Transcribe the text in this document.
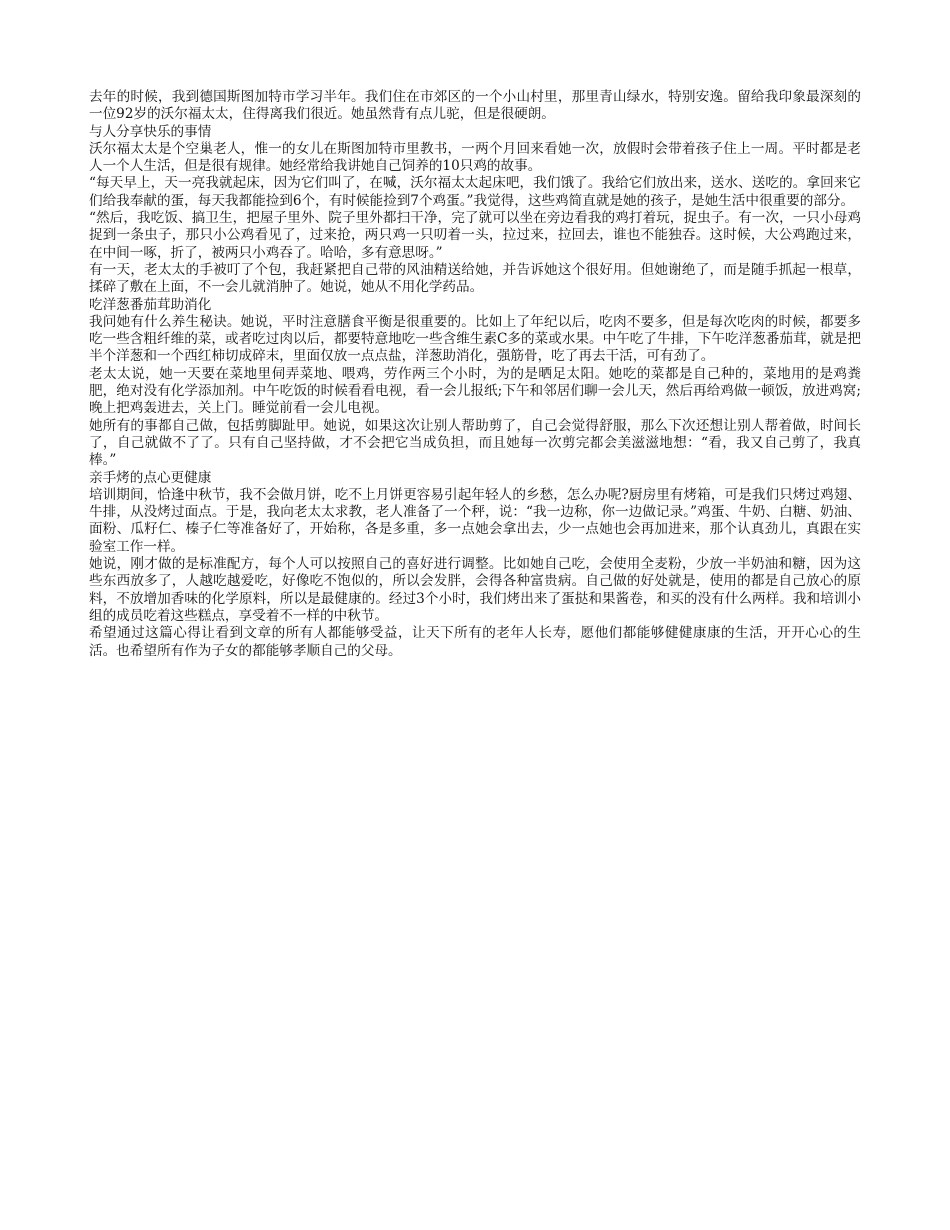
去年的时候，我到德国斯图加特市学习半年。我们住在市郊区的一个小山村里，那里青山绿水，特别安逸。留给我印象最深刻的一位92岁的沃尔福太太，住得离我们很近。她虽然背有点儿驼，但是很硬朗。

与人分享快乐的事情

沃尔福太太是个空巢老人，惟一的女儿在斯图加特市里教书，一两个月回来看她一次，放假时会带着孩子住上一周。平时都是老人一个人生活，但是很有规律。她经常给我讲她自己饲养的10只鸡的故事。

“每天早上，天一亮我就起床，因为它们叫了，在喊，沃尔福太太起床吧，我们饿了。我给它们放出来，送水、送吃的。拿回来它们给我奉献的蛋，每天我都能捡到6个，有时候能捡到7个鸡蛋。”我觉得，这些鸡简直就是她的孩子，是她生活中很重要的部分。

“然后，我吃饭、搞卫生，把屋子里外、院子里外都扫干净，完了就可以坐在旁边看我的鸡打着玩，捉虫子。有一次，一只小母鸡捉到一条虫子，那只小公鸡看见了，过来抢，两只鸡一只叨着一头，拉过来，拉回去，谁也不能独吞。这时候，大公鸡跑过来，在中间一啄，折了，被两只小鸡吞了。哈哈，多有意思呀。”

有一天，老太太的手被叮了个包，我赶紧把自己带的风油精送给她，并告诉她这个很好用。但她谢绝了，而是随手抓起一根草，揉碎了敷在上面，不一会儿就消肿了。她说，她从不用化学药品。

吃洋葱番茄茸助消化

我问她有什么养生秘诀。她说，平时注意膳食平衡是很重要的。比如上了年纪以后，吃肉不要多，但是每次吃肉的时候，都要多吃一些含粗纤维的菜，或者吃过肉以后，都要特意地吃一些含维生素C多的菜或水果。中午吃了牛排，下午吃洋葱番茄茸，就是把半个洋葱和一个西红柿切成碎末，里面仅放一点点盐，洋葱助消化，强筋骨，吃了再去干活，可有劲了。

老太太说，她一天要在菜地里伺弄菜地、喂鸡，劳作两三个小时，为的是晒足太阳。她吃的菜都是自己种的，菜地用的是鸡粪肥，绝对没有化学添加剂。中午吃饭的时候看看电视，看一会儿报纸;下午和邻居们聊一会儿天，然后再给鸡做一顿饭，放进鸡窝;晚上把鸡轰进去，关上门。睡觉前看一会儿电视。

她所有的事都自己做，包括剪脚趾甲。她说，如果这次让别人帮助剪了，自己会觉得舒服，那么下次还想让别人帮着做，时间长了，自己就做不了了。只有自己坚持做，才不会把它当成负担，而且她每一次剪完都会美滋滋地想：“看，我又自己剪了，我真棒。”

亲手烤的点心更健康

培训期间，恰逢中秋节，我不会做月饼，吃不上月饼更容易引起年轻人的乡愁，怎么办呢?厨房里有烤箱，可是我们只烤过鸡翅、牛排，从没烤过面点。于是，我向老太太求教，老人准备了一个秤，说：“我一边称，你一边做记录。”鸡蛋、牛奶、白糖、奶油、面粉、瓜籽仁、榛子仁等准备好了，开始称，各是多重，多一点她会拿出去，少一点她也会再加进来，那个认真劲儿，真跟在实验室工作一样。

她说，刚才做的是标准配方，每个人可以按照自己的喜好进行调整。比如她自己吃，会使用全麦粉，少放一半奶油和糖，因为这些东西放多了，人越吃越爱吃，好像吃不饱似的，所以会发胖，会得各种富贵病。自己做的好处就是，使用的都是自己放心的原料，不放增加香味的化学原料，所以是最健康的。经过3个小时，我们烤出来了蛋挞和果酱卷，和买的没有什么两样。我和培训小组的成员吃着这些糕点，享受着不一样的中秋节。

希望通过这篇心得让看到文章的所有人都能够受益，让天下所有的老年人长寿，愿他们都能够健健康康的生活，开开心心的生活。也希望所有作为子女的都能够孝顺自己的父母。
